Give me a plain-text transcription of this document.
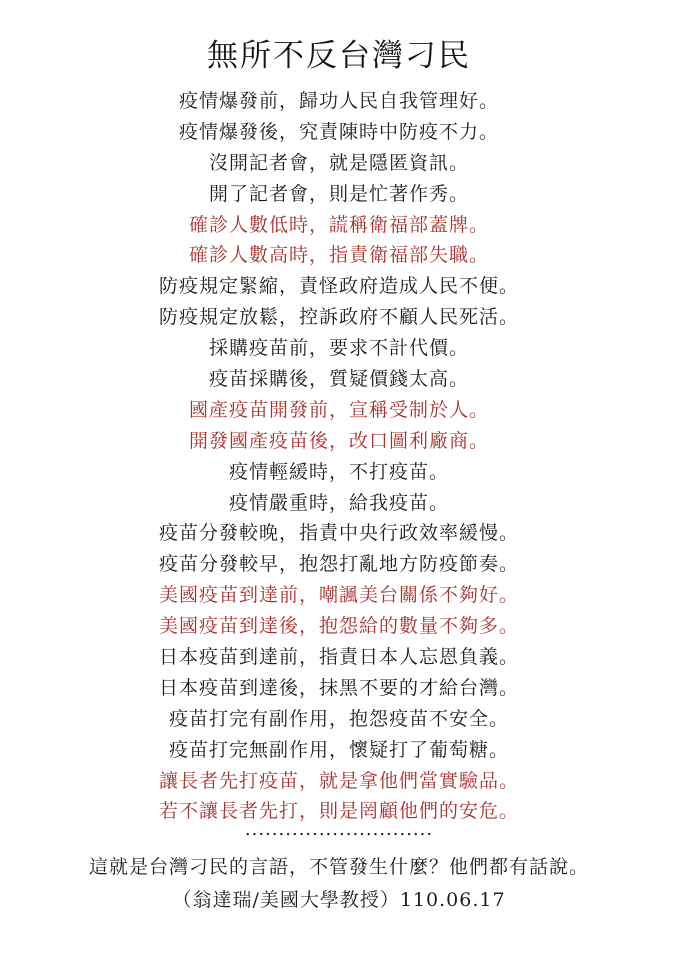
無所不反台灣刁民
疫情爆發前，歸功人民自我管理好。
疫情爆發後，究責陳時中防疫不力。
沒開記者會，就是隱匿資訊。
開了記者會，則是忙著作秀。
確診人數低時，謊稱衛福部蓋牌。
確診人數高時，指責衛福部失職。
防疫規定緊縮，責怪政府造成人民不便。
防疫規定放鬆，控訴政府不顧人民死活。
採購疫苗前，要求不計代價。
疫苗採購後，質疑價錢太高。
國產疫苗開發前，宣稱受制於人。
開發國產疫苗後，改口圖利廠商。
疫情輕緩時，不打疫苗。
疫情嚴重時，給我疫苗。
疫苗分發較晚，指責中央行政效率緩慢。
疫苗分發較早，抱怨打亂地方防疫節奏。
美國疫苗到達前，嘲諷美台關係不夠好。
美國疫苗到達後，抱怨給的數量不夠多。
日本疫苗到達前，指責日本人忘恩負義。
日本疫苗到達後，抹黑不要的才給台灣。
疫苗打完有副作用，抱怨疫苗不安全。
疫苗打完無副作用，懷疑打了葡萄糖。
讓長者先打疫苗，就是拿他們當實驗品。
若不讓長者先打，則是罔顧他們的安危。
............................
這就是台灣刁民的言語，不管發生什麼？他們都有話說。
（翁達瑞/美國大學教授）110.06.17
